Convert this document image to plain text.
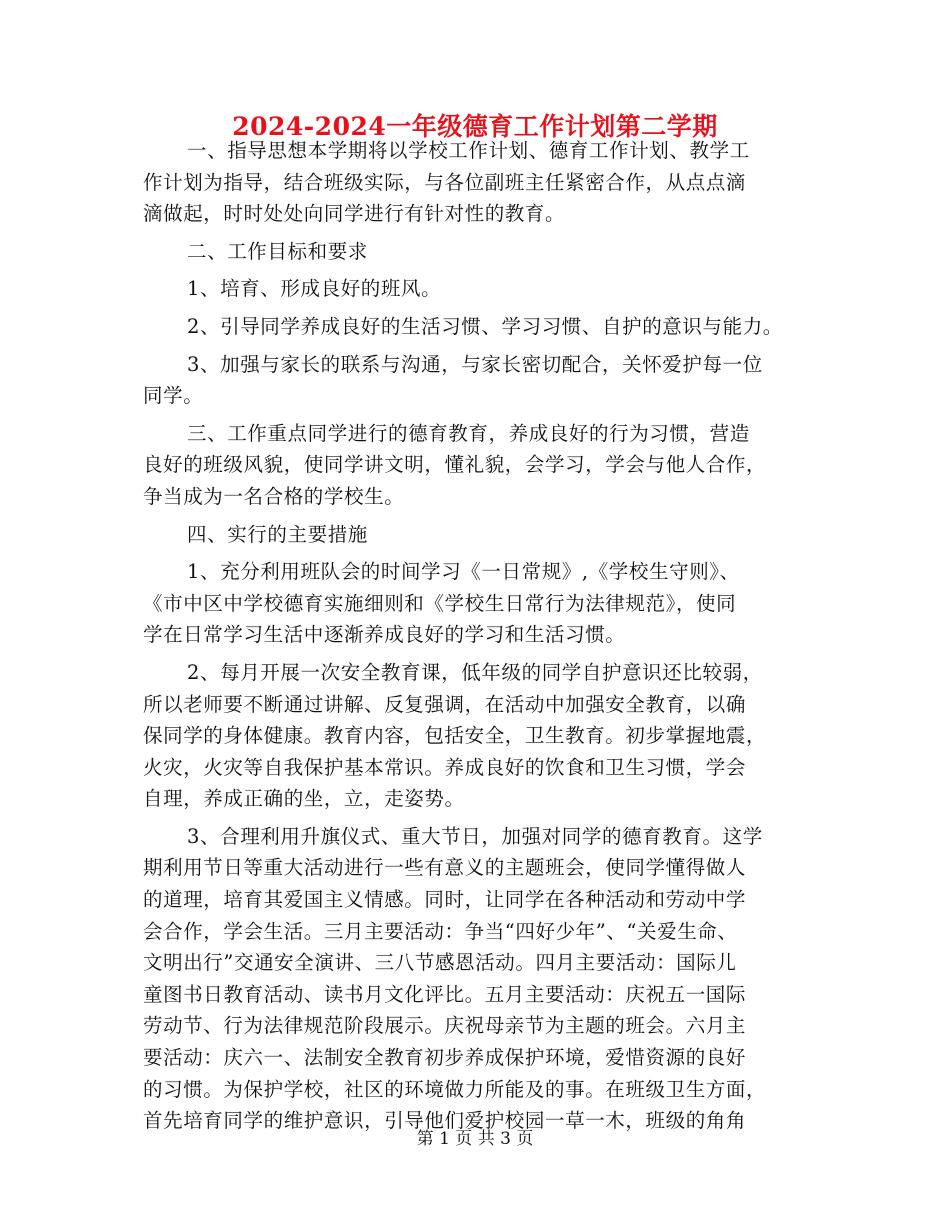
2024-2024一年级德育工作计划第二学期
一、指导思想本学期将以学校工作计划、德育工作计划、教学工
作计划为指导，结合班级实际，与各位副班主任紧密合作，从点点滴
滴做起，时时处处向同学进行有针对性的教育。
二、工作目标和要求
1、培育、形成良好的班风。
2、引导同学养成良好的生活习惯、学习习惯、自护的意识与能力。
3、加强与家长的联系与沟通，与家长密切配合，关怀爱护每一位
同学。
三、工作重点同学进行的德育教育，养成良好的行为习惯，营造
良好的班级风貌，使同学讲文明，懂礼貌，会学习，学会与他人合作，
争当成为一名合格的学校生。
四、实行的主要措施
1、充分利用班队会的时间学习《一日常规》,《学校生守则》、
《市中区中学校德育实施细则和《学校生日常行为法律规范》，使同
学在日常学习生活中逐渐养成良好的学习和生活习惯。
2、每月开展一次安全教育课，低年级的同学自护意识还比较弱，
所以老师要不断通过讲解、反复强调，在活动中加强安全教育，以确
保同学的身体健康。教育内容，包括安全，卫生教育。初步掌握地震，
火灾，火灾等自我保护基本常识。养成良好的饮食和卫生习惯，学会
自理，养成正确的坐，立，走姿势。
3、合理利用升旗仪式、重大节日，加强对同学的德育教育。这学
期利用节日等重大活动进行一些有意义的主题班会，使同学懂得做人
的道理，培育其爱国主义情感。同时，让同学在各种活动和劳动中学
会合作，学会生活。三月主要活动：争当“四好少年”、“关爱生命、
文明出行”交通安全演讲、三八节感恩活动。四月主要活动：国际儿
童图书日教育活动、读书月文化评比。五月主要活动：庆祝五一国际
劳动节、行为法律规范阶段展示。庆祝母亲节为主题的班会。六月主
要活动：庆六一、法制安全教育初步养成保护环境，爱惜资源的良好
的习惯。为保护学校，社区的环境做力所能及的事。在班级卫生方面，
首先培育同学的维护意识，引导他们爱护校园一草一木，班级的角角
第 1 页 共 3 页
